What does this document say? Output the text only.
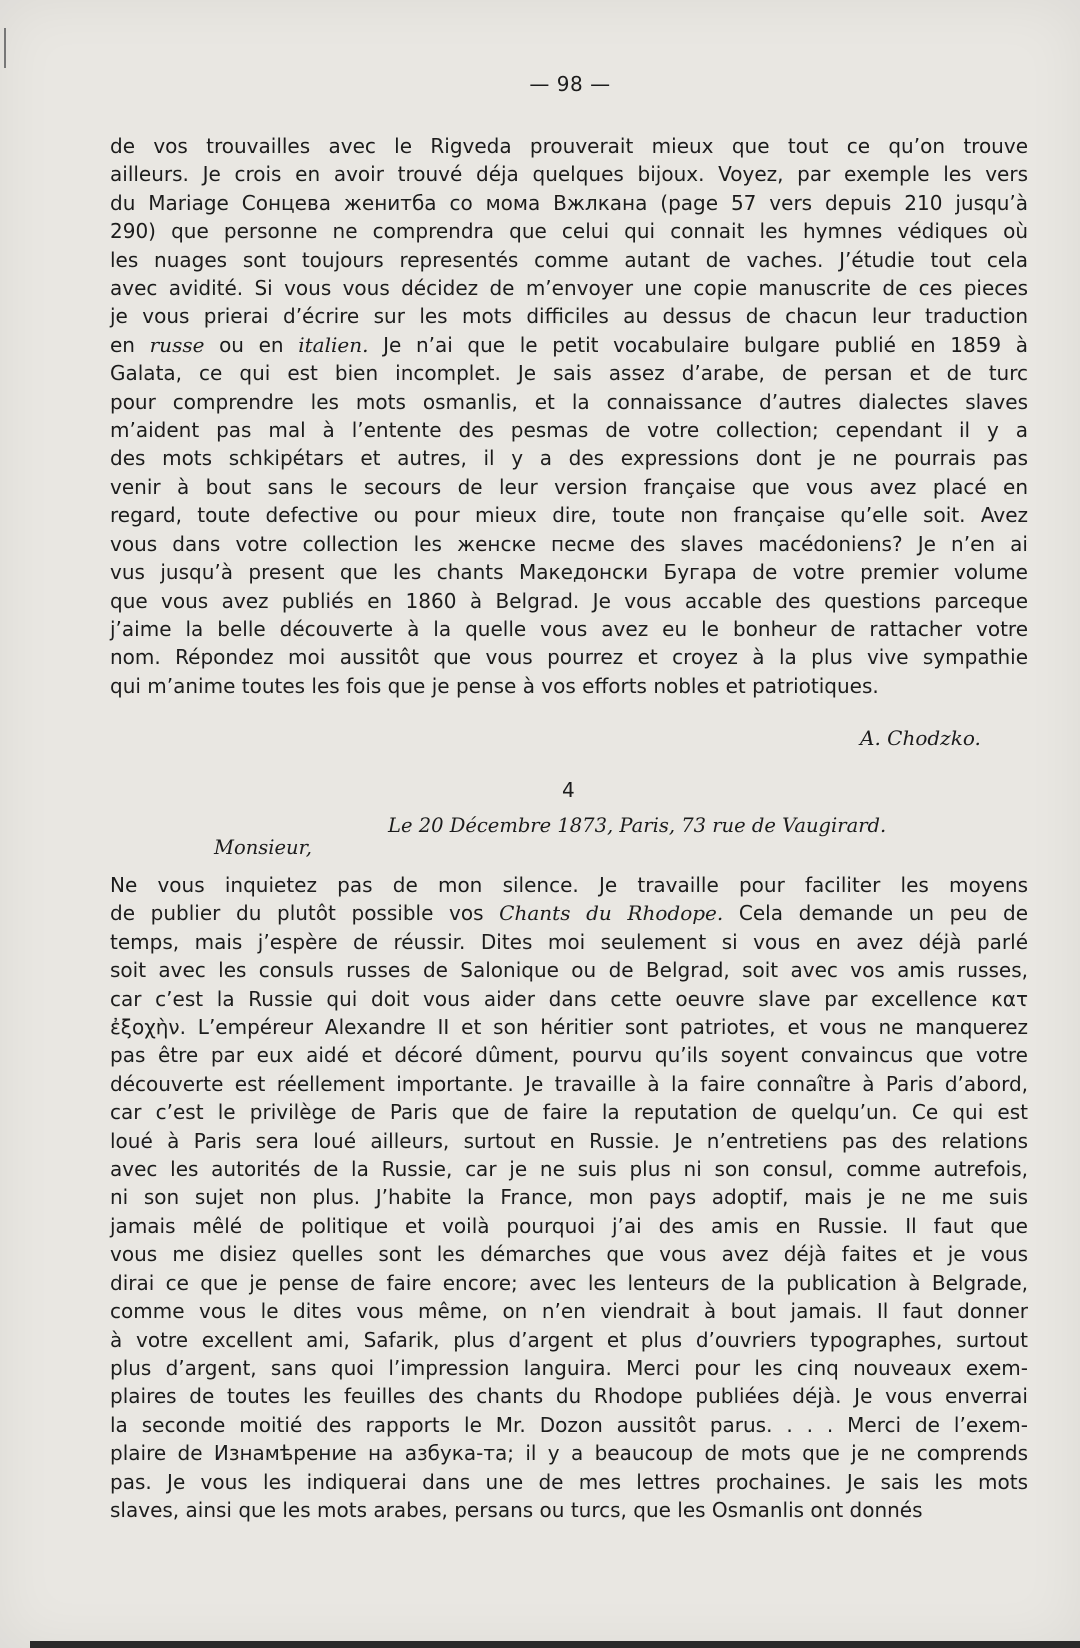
— 98 —
de vos trouvailles avec le Rigveda prouverait mieux que tout ce qu’on trouve
ailleurs. Je crois en avoir trouvé déja quelques bijoux. Voyez, par exemple les vers
du Mariage Сонцева женитба со мома Вжлкана (page 57 vers depuis 210 jusqu’à
290) que personne ne comprendra que celui qui connait les hymnes védiques où
les nuages sont toujours representés comme autant de vaches. J’étudie tout cela
avec avidité. Si vous vous décidez de m’envoyer une copie manuscrite de ces pieces
je vous prierai d’écrire sur les mots difficiles au dessus de chacun leur traduction
en russe ou en italien. Je n’ai que le petit vocabulaire bulgare publié en 1859 à
Galata, ce qui est bien incomplet. Je sais assez d’arabe, de persan et de turc
pour comprendre les mots osmanlis, et la connaissance d’autres dialectes slaves
m’aident pas mal à l’entente des pesmas de votre collection; cependant il y a
des mots schkipétars et autres, il y a des expressions dont je ne pourrais pas
venir à bout sans le secours de leur version française que vous avez placé en
regard, toute defective ou pour mieux dire, toute non française qu’elle soit. Avez
vous dans votre collection les женске песме des slaves macédoniens? Je n’en ai
vus jusqu’à present que les chants Македонски Бугара de votre premier volume
que vous avez publiés en 1860 à Belgrad. Je vous accable des questions parceque
j’aime la belle découverte à la quelle vous avez eu le bonheur de rattacher votre
nom. Répondez moi aussitôt que vous pourrez et croyez à la plus vive sympathie
qui m’anime toutes les fois que je pense à vos efforts nobles et patriotiques.
A. Chodzko.
4
Le 20 Décembre 1873, Paris, 73 rue de Vaugirard.
Monsieur,
Ne vous inquietez pas de mon silence. Je travaille pour faciliter les moyens
de publier du plutôt possible vos Chants du Rhodope. Cela demande un peu de
temps, mais j’espère de réussir. Dites moi seulement si vous en avez déjà parlé
soit avec les consuls russes de Salonique ou de Belgrad, soit avec vos amis russes,
car c’est la Russie qui doit vous aider dans cette oeuvre slave par excellence κατ
ἐξοχὴν. L’empéreur Alexandre II et son héritier sont patriotes, et vous ne manquerez
pas être par eux aidé et décoré dûment, pourvu qu’ils soyent convaincus que votre
découverte est réellement importante. Je travaille à la faire connaître à Paris d’abord,
car c’est le privilège de Paris que de faire la reputation de quelqu’un. Ce qui est
loué à Paris sera loué ailleurs, surtout en Russie. Je n’entretiens pas des relations
avec les autorités de la Russie, car je ne suis plus ni son consul, comme autrefois,
ni son sujet non plus. J’habite la France, mon pays adoptif, mais je ne me suis
jamais mêlé de politique et voilà pourquoi j’ai des amis en Russie. Il faut que
vous me disiez quelles sont les démarches que vous avez déjà faites et je vous
dirai ce que je pense de faire encore; avec les lenteurs de la publication à Belgrade,
comme vous le dites vous même, on n’en viendrait à bout jamais. Il faut donner
à votre excellent ami, Safarik, plus d’argent et plus d’ouvriers typographes, surtout
plus d’argent, sans quoi l’impression languira. Merci pour les cinq nouveaux exem-
plaires de toutes les feuilles des chants du Rhodope publiées déjà. Je vous enverrai
la seconde moitié des rapports le Mr. Dozon aussitôt parus. . . . Merci de l’exem-
plaire de Изнамѣрение на азбука-та; il y a beaucoup de mots que je ne comprends
pas. Je vous les indiquerai dans une de mes lettres prochaines. Je sais les mots
slaves, ainsi que les mots arabes, persans ou turcs, que les Osmanlis ont donnés
